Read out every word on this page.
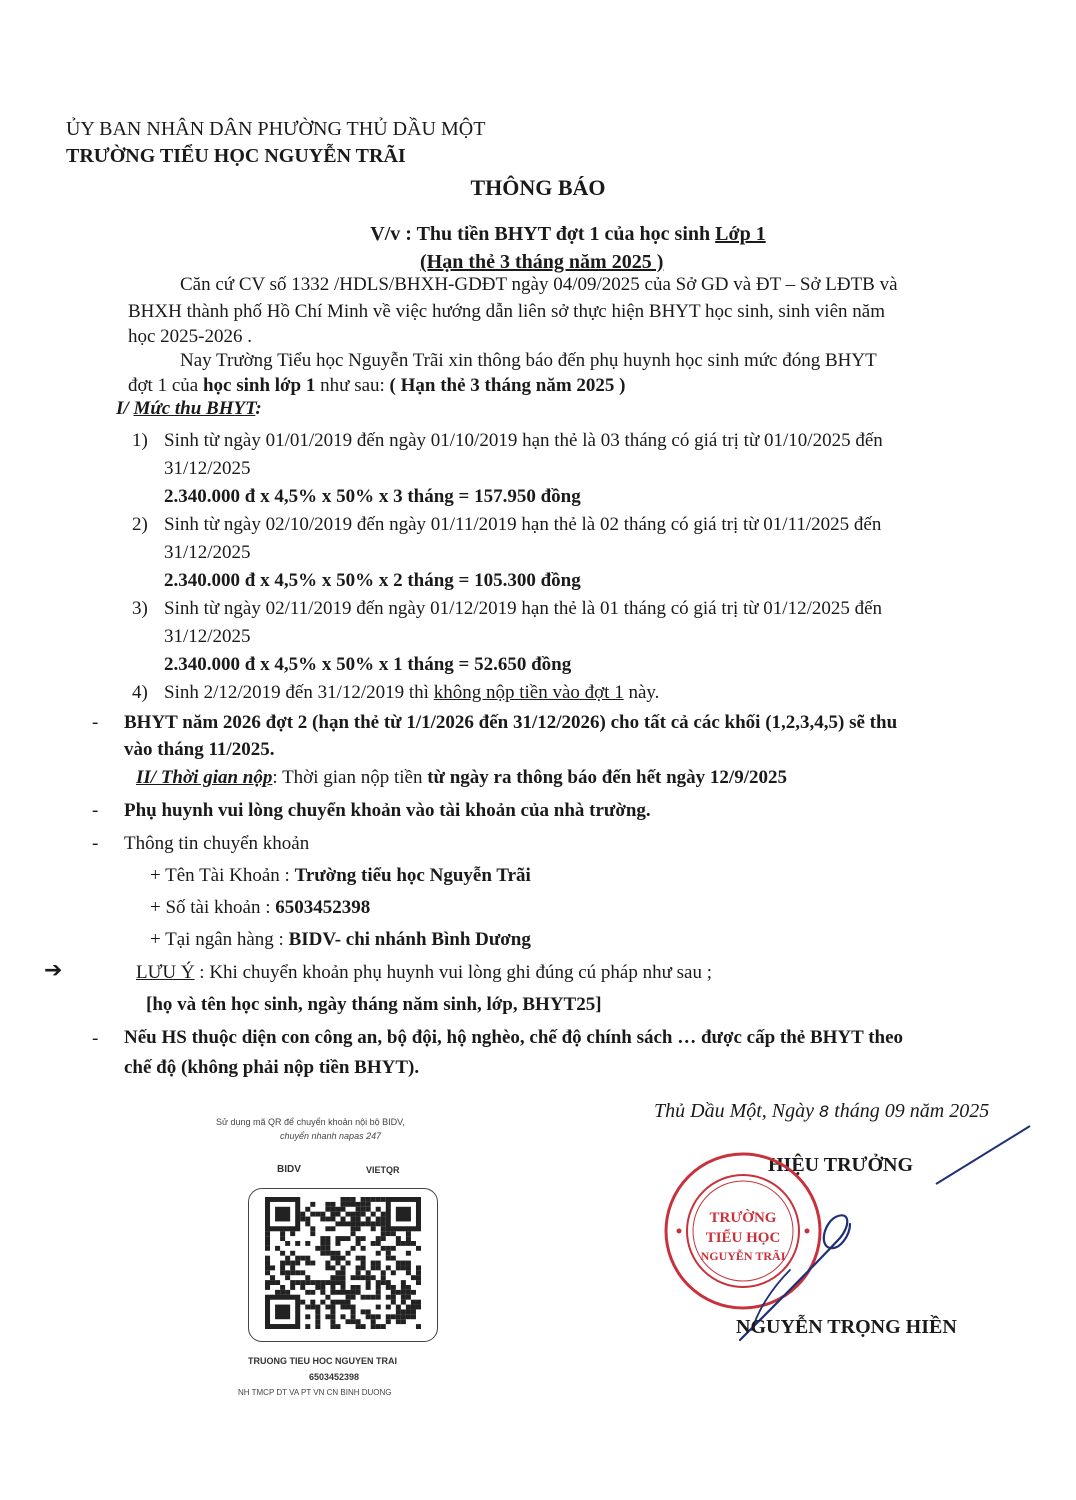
ỦY BAN NHÂN DÂN PHƯỜNG THỦ DẦU MỘT
TRƯỜNG TIỂU HỌC NGUYỄN TRÃI
THÔNG BÁO
V/v : Thu tiền BHYT đợt 1 của học sinh Lớp 1
(Hạn thẻ 3 tháng năm 2025 )
Căn cứ CV số 1332 /HDLS/BHXH-GDĐT ngày 04/09/2025 của Sở GD và ĐT – Sở LĐTB và
BHXH thành phố Hồ Chí Minh về việc hướng dẫn liên sở thực hiện BHYT học sinh, sinh viên năm
học 2025-2026 .
Nay Trường Tiểu học Nguyễn Trãi xin thông báo đến phụ huynh học sinh mức đóng BHYT
đợt 1 của học sinh lớp 1 như sau: ( Hạn thẻ 3 tháng năm 2025 )
I/ Mức thu BHYT:
1) Sinh từ ngày 01/01/2019 đến ngày 01/10/2019 hạn thẻ là 03 tháng có giá trị từ 01/10/2025 đến
31/12/2025
2.340.000 đ x 4,5% x 50% x 3 tháng = 157.950 đồng
2) Sinh từ ngày 02/10/2019 đến ngày 01/11/2019 hạn thẻ là 02 tháng có giá trị từ 01/11/2025 đến
31/12/2025
2.340.000 đ x 4,5% x 50% x 2 tháng = 105.300 đồng
3) Sinh từ ngày 02/11/2019 đến ngày 01/12/2019 hạn thẻ là 01 tháng có giá trị từ 01/12/2025 đến
31/12/2025
2.340.000 đ x 4,5% x 50% x 1 tháng = 52.650 đồng
4) Sinh 2/12/2019 đến 31/12/2019 thì không nộp tiền vào đợt 1 này.
- BHYT năm 2026 đợt 2 (hạn thẻ từ 1/1/2026 đến 31/12/2026) cho tất cả các khối (1,2,3,4,5) sẽ thu
vào tháng 11/2025.
II/ Thời gian nộp: Thời gian nộp tiền từ ngày ra thông báo đến hết ngày 12/9/2025
- Phụ huynh vui lòng chuyển khoản vào tài khoản của nhà trường.
- Thông tin chuyển khoản
+ Tên Tài Khoản : Trường tiểu học Nguyễn Trãi
+ Số tài khoản : 6503452398
+ Tại ngân hàng : BIDV- chi nhánh Bình Dương
➔	LƯU Ý : Khi chuyển khoản phụ huynh vui lòng ghi đúng cú pháp như sau ;
[họ và tên học sinh, ngày tháng năm sinh, lớp, BHYT25]
- Nếu HS thuộc diện con công an, bộ đội, hộ nghèo, chế độ chính sách … được cấp thẻ BHYT theo
chế độ (không phải nộp tiền BHYT).
Sử dụng mã QR để chuyển khoản nội bộ BIDV,
chuyển nhanh napas 247
BIDV	VIETQR
TRUONG TIEU HOC NGUYEN TRAI
6503452398
NH TMCP DT VA PT VN CN BINH DUONG
Thủ Dầu Một, Ngày 8 tháng 09 năm 2025
HIỆU TRƯỞNG
TRƯỜNG
TIỂU HỌC
NGUYỄN TRÃI
NGUYỄN TRỌNG HIỀN
